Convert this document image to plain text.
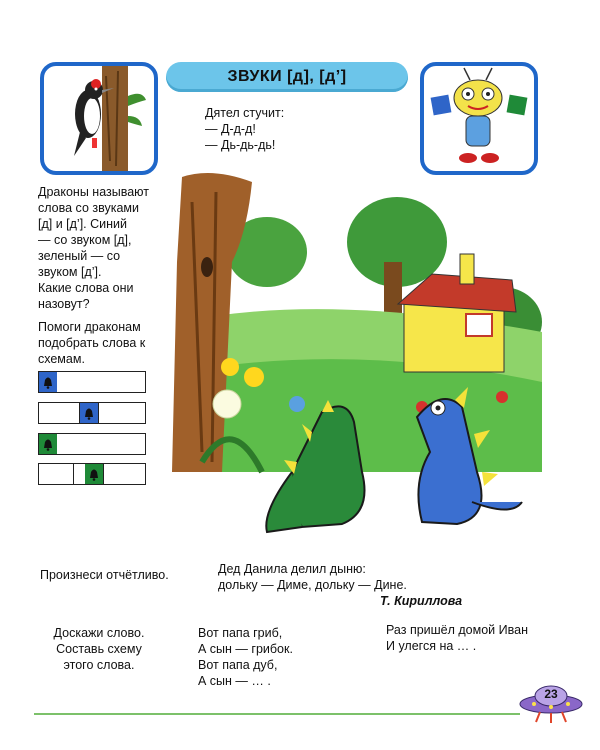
ЗВУКИ [д], [д’]
Дятел стучит:
— Д-д-д!
— Дь-дь-дь!
Драконы называют
слова со звуками
[д] и [д’]. Синий
— со звуком [д],
зеленый — со
звуком [д’].
Какие слова они
назовут?
Помоги драконам
подобрать слова к
схемам.
Произнеси отчётливо.	Дед Данила делил дыню:
дольку — Диме, дольку — Дине.
Т. Кириллова
Доскажи слово.
Составь схему
этого слова.
Вот папа гриб,
А сын — грибок.
Вот папа дуб,
А сын — … .
Раз пришёл домой Иван
И улегся на … .
23
